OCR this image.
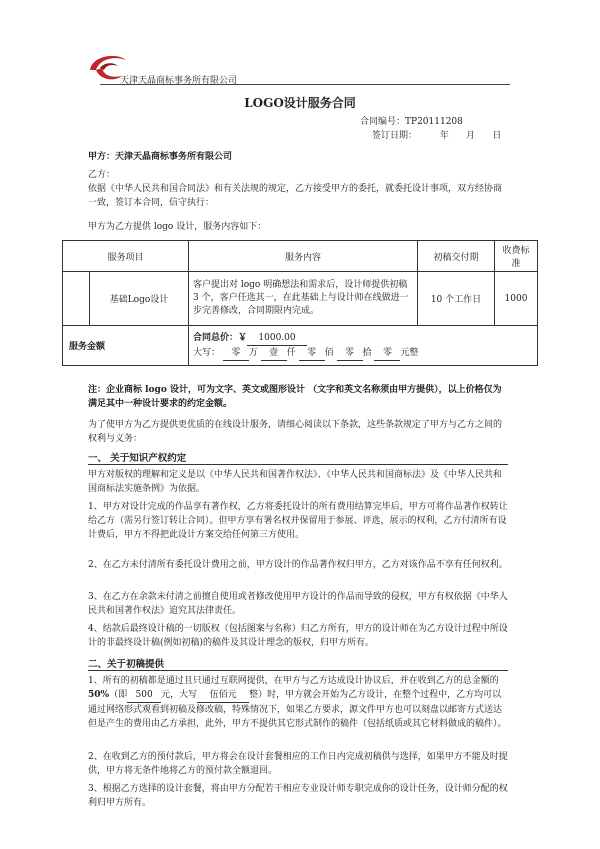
天津天晶商标事务所有限公司
LOGO设计服务合同
合同编号：TP20111208
签订日期：        年      月      日
甲方：天津天晶商标事务所有限公司
乙方：
依据《中华人民共和国合同法》和有关法规的规定，乙方接受甲方的委托，就委托设计事项，双方经协商一致，签订本合同，信守执行：
甲方为乙方提供 logo 设计，服务内容如下：
服务项目		服务内容	初稿交付期	收费标准
	基础Logo设计	客户提出对 logo 明确想法和需求后，设计师提供初稿 3 个，客户任选其一，在此基础上与设计师在线做进一步完善修改，合同期限内完成。	10 个工作日	1000
服务金额		合同总价：￥ 1000.00
大写： 零 万 壹 仟 零 佰 零 拾 零 元整		
注：企业商标 logo 设计，可为文字、英文或图形设计 （文字和英文名称须由甲方提供），以上价格仅为满足其中一种设计要求的约定金额。
为了使甲方为乙方提供更优质的在线设计服务，请细心阅读以下条款，这些条款规定了甲方与乙方之间的权利与义务：
一、 关于知识产权约定
甲方对版权的理解和定义是以《中华人民共和国著作权法》、《中华人民共和国商标法》及《中华人民共和国商标法实施条例》为依据。
1、甲方对设计完成的作品享有著作权，乙方将委托设计的所有费用结算完毕后，甲方可将作品著作权转让给乙方（需另行签订转让合同）。但甲方享有署名权并保留用于参展、评选，展示的权利，乙方付清所有设计费后，甲方不得把此设计方案交给任何第三方使用。
2、在乙方未付清所有委托设计费用之前，甲方设计的作品著作权归甲方，乙方对该作品不享有任何权利。
3、在乙方在余款未付清之前擅自使用或者修改使用甲方设计的作品而导致的侵权，甲方有权依据《中华人民共和国著作权法》追究其法律责任。
4、结款后最终设计稿的一切版权（包括图案与名称）归乙方所有，甲方的设计师在为乙方设计过程中所设计的非最终设计稿(例如初稿)的稿件及其设计理念的版权，归甲方所有。
二、关于初稿提供
1、所有的初稿都是通过且只通过互联网提供，在甲方与乙方达成设计协议后，并在收到乙方的总金额的50%（即 500 元，大写 伍佰元 整）时，甲方就会开始为乙方设计，在整个过程中，乙方均可以通过网络形式观看到初稿及修改稿，特殊情况下，如果乙方要求，源文件甲方也可以刻盘以邮寄方式送达但是产生的费用由乙方承担，此外，甲方不提供其它形式制作的稿件（包括纸质或其它材料做成的稿件）。
2、在收到乙方的预付款后，甲方将会在设计套餐相应的工作日内完成初稿供与选择，如果甲方不能及时提供，甲方将无条件地将乙方的预付款全额退回。
3、根据乙方选择的设计套餐，将由甲方分配若干相应专业设计师专职完成你的设计任务，设计师分配的权利归甲方所有。
